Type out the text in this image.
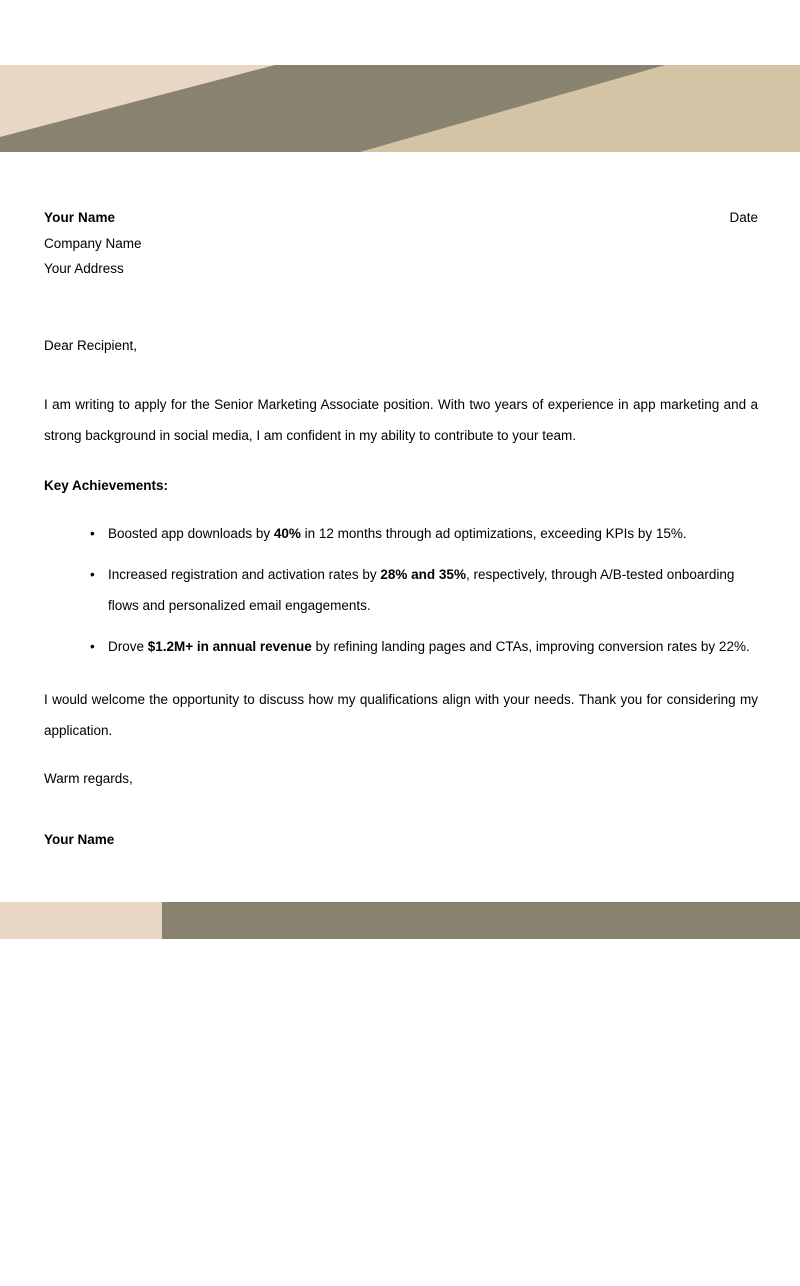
Your Name	Date
Company Name
Your Address

Dear Recipient,

I am writing to apply for the Senior Marketing Associate position. With two years of experience in app marketing and a strong background in social media, I am confident in my ability to contribute to your team.

Key Achievements:

• Boosted app downloads by 40% in 12 months through ad optimizations, exceeding KPIs by 15%.
• Increased registration and activation rates by 28% and 35%, respectively, through A/B-tested onboarding flows and personalized email engagements.
• Drove $1.2M+ in annual revenue by refining landing pages and CTAs, improving conversion rates by 22%.

I would welcome the opportunity to discuss how my qualifications align with your needs. Thank you for considering my application.

Warm regards,

Your Name
